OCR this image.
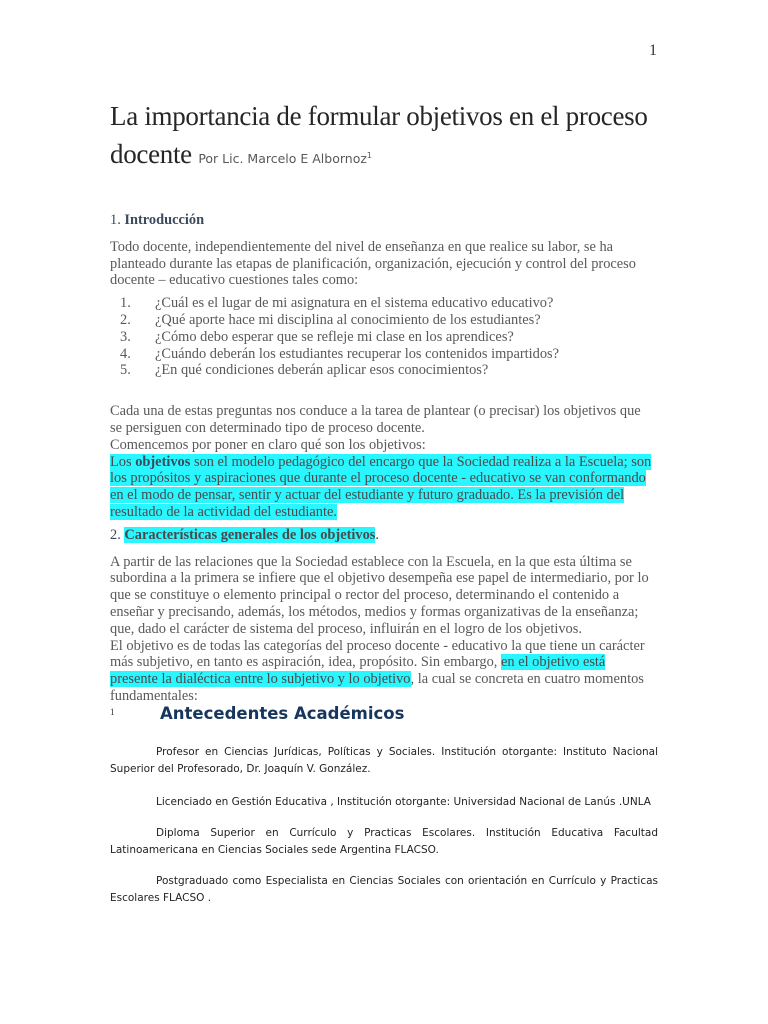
1
La importancia de formular objetivos en el proceso docente Por Lic. Marcelo E Albornoz$^1$
1. Introducción

Todo docente, independientemente del nivel de enseñanza en que realice su labor, se ha planteado durante las etapas de planificación, organización, ejecución y control del proceso docente – educativo cuestiones tales como:

1. ¿Cuál es el lugar de mi asignatura en el sistema educativo educativo?
2. ¿Qué aporte hace mi disciplina al conocimiento de los estudiantes?
3. ¿Cómo debo esperar que se refleje mi clase en los aprendices?
4. ¿Cuándo deberán los estudiantes recuperar los contenidos impartidos?
5. ¿En qué condiciones deberán aplicar esos conocimientos?

Cada una de estas preguntas nos conduce a la tarea de plantear (o precisar) los objetivos que se persiguen con determinado tipo de proceso docente.

Comencemos por poner en claro qué son los objetivos:

Los objetivos son el modelo pedagógico del encargo que la Sociedad realiza a la Escuela; son los propósitos y aspiraciones que durante el proceso docente - educativo se van conformando en el modo de pensar, sentir y actuar del estudiante y futuro graduado. Es la previsión del resultado de la actividad del estudiante.

2. Características generales de los objetivos.

A partir de las relaciones que la Sociedad establece con la Escuela, en la que esta última se subordina a la primera se infiere que el objetivo desempeña ese papel de intermediario, por lo que se constituye o elemento principal o rector del proceso, determinando el contenido a enseñar y precisando, además, los métodos, medios y formas organizativas de la enseñanza; que, dado el carácter de sistema del proceso, influirán en el logro de los objetivos.

El objetivo es de todas las categorías del proceso docente - educativo la que tiene un carácter más subjetivo, en tanto es aspiración, idea, propósito. Sin embargo, en el objetivo está presente la dialéctica entre lo subjetivo y lo objetivo, la cual se concreta en cuatro momentos fundamentales:

1	Antecedentes Académicos
Profesor en Ciencias Jurídicas, Políticas y Sociales. Institución otorgante: Instituto Nacional Superior del Profesorado, Dr. Joaquín V. González.
Licenciado en Gestión Educativa , Institución otorgante: Universidad Nacional de Lanús .UNLA
Diploma Superior en Currículo y Practicas Escolares. Institución Educativa Facultad Latinoamericana en Ciencias Sociales sede Argentina FLACSO.
Postgraduado como Especialista en Ciencias Sociales con orientación en Currículo y Practicas Escolares FLACSO .
